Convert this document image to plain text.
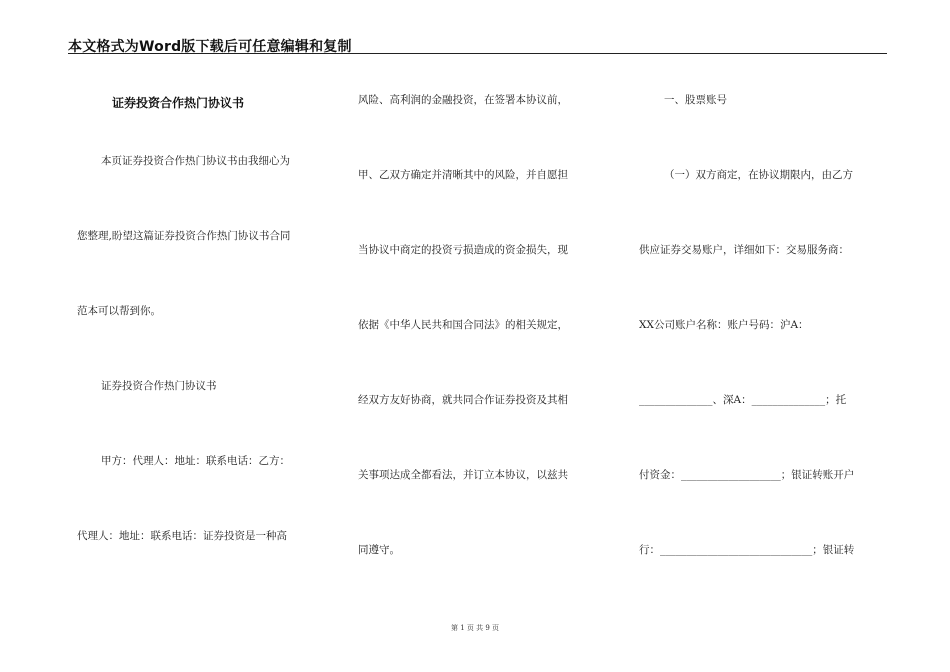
本文格式为Word版下载后可任意编辑和复制
证券投资合作热门协议书
本页证券投资合作热门协议书由我细心为
您整理,盼望这篇证券投资合作热门协议书合同
范本可以帮到你。
证券投资合作热门协议书
甲方：代理人：地址：联系电话：乙方：
代理人：地址：联系电话：证券投资是一种高
风险、高利润的金融投资，在签署本协议前，
甲、乙双方确定并清晰其中的风险，并自愿担
当协议中商定的投资亏损造成的资金损失，现
依据《中华人民共和国合同法》的相关规定，
经双方友好协商，就共同合作证券投资及其相
关事项达成全都看法，并订立本协议，以兹共
同遵守。
一、股票账号
（一）双方商定，在协议期限内，由乙方
供应证券交易账户，详细如下：交易服务商：
XX公司账户名称：账户号码：沪A：
______________、深A：______________；托
付资金：___________________；银证转账开户
行：_____________________________；银证转
第 1 页 共 9 页
